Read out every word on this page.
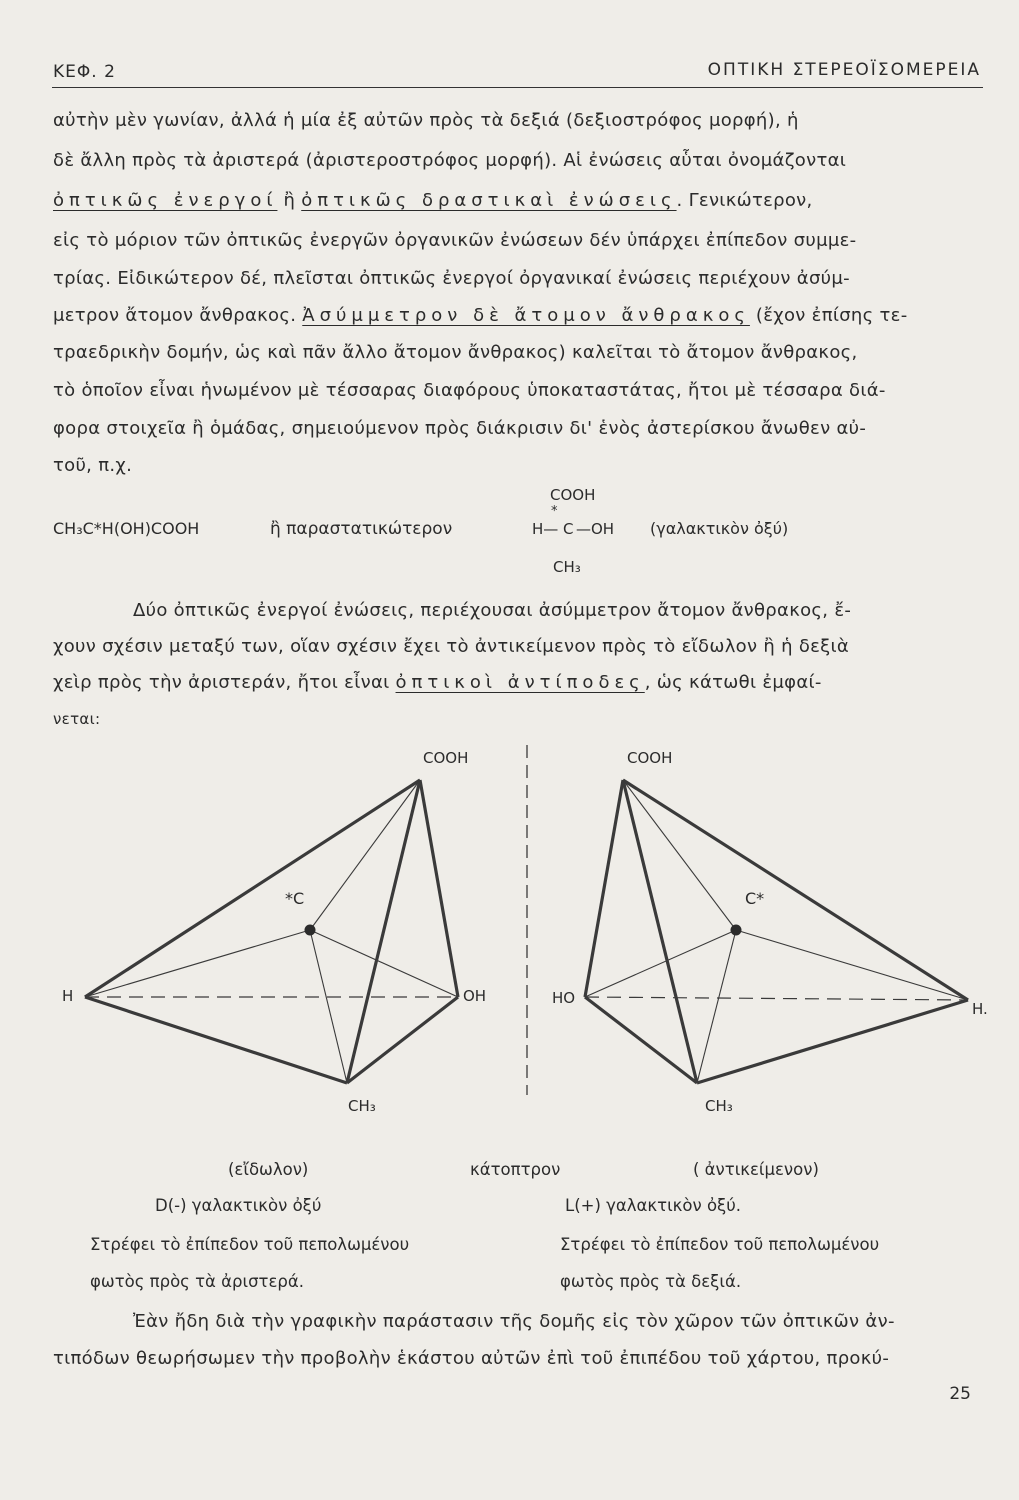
ΚΕΦ. 2	ΟΠΤΙΚΗ ΣΤΕΡΕΟΪΣΟΜΕΡΕΙΑ
αὐτὴν μὲν γωνίαν, ἀλλά ἡ μία ἐξ αὐτῶν πρὸς τὰ δεξιά (δεξιοστρόφος μορφή), ἡ
δὲ ἄλλη πρὸς τὰ ἀριστερά (ἀριστεροστρόφος μορφή). Αἱ ἐνώσεις αὗται ὀνομάζονται
ὀπτικῶς ἐνεργοί ἢ ὀπτικῶς δραστικαὶ ἐνώσεις. Γενικώτερον,
εἰς τὸ μόριον τῶν ὀπτικῶς ἐνεργῶν ὀργανικῶν ἐνώσεων δέν ὑπάρχει ἐπίπεδον συμμε-
τρίας. Εἰδικώτερον δέ, πλεῖσται ὀπτικῶς ἐνεργοί ὀργανικαί ἐνώσεις περιέχουν ἀσύμ-
μετρον ἄτομον ἄνθρακος. Ἀσύμμετρον δὲ ἄτομον ἄνθρακος (ἔχον ἐπίσης τε-
τραεδρικὴν δομήν, ὡς καὶ πᾶν ἄλλο ἄτομον ἄνθρακος) καλεῖται τὸ ἄτομον ἄνθρακος,
τὸ ὁποῖον εἶναι ἡνωμένον μὲ τέσσαρας διαφόρους ὑποκαταστάτας, ἤτοι μὲ τέσσαρα διά-
φορα στοιχεῖα ἢ ὁμάδας, σημειούμενον πρὸς διάκρισιν δι' ἑνὸς ἀστερίσκου ἄνωθεν αὐ-
τοῦ, π.χ.
CH₃C*H(OH)COOH	ἢ παραστατικώτερον
COOH
*
H— C —OH
CH₃
(γαλακτικὸν ὀξύ)
Δύο ὀπτικῶς ἐνεργοί ἐνώσεις, περιέχουσαι ἀσύμμετρον ἄτομον ἄνθρακος, ἔ-
χουν σχέσιν μεταξύ των, οἵαν σχέσιν ἔχει τὸ ἀντικείμενον πρὸς τὸ εἴδωλον ἢ ἡ δεξιὰ
χεὶρ πρὸς τὴν ἀριστεράν, ἤτοι εἶναι ὀπτικοὶ ἀντίποδες, ὡς κάτωθι ἐμφαί-
νεται:
COOH
*C
H	OH
CH₃
COOH
C*
HO
H.
CH₃
(εἴδωλον)	κάτοπτρον	( ἀντικείμενον)
D(-) γαλακτικὸν ὀξύ	L(+) γαλακτικὸν ὀξύ.
Στρέφει τὸ ἐπίπεδον τοῦ πεπολωμένου
φωτὸς πρὸς τὰ ἀριστερά.
Στρέφει τὸ ἐπίπεδον τοῦ πεπολωμένου
φωτὸς πρὸς τὰ δεξιά.
Ἐὰν ἤδη διὰ τὴν γραφικὴν παράστασιν τῆς δομῆς εἰς τὸν χῶρον τῶν ὀπτικῶν ἀν-
τιπόδων θεωρήσωμεν τὴν προβολὴν ἑκάστου αὐτῶν ἐπὶ τοῦ ἐπιπέδου τοῦ χάρτου, προκύ-
25
